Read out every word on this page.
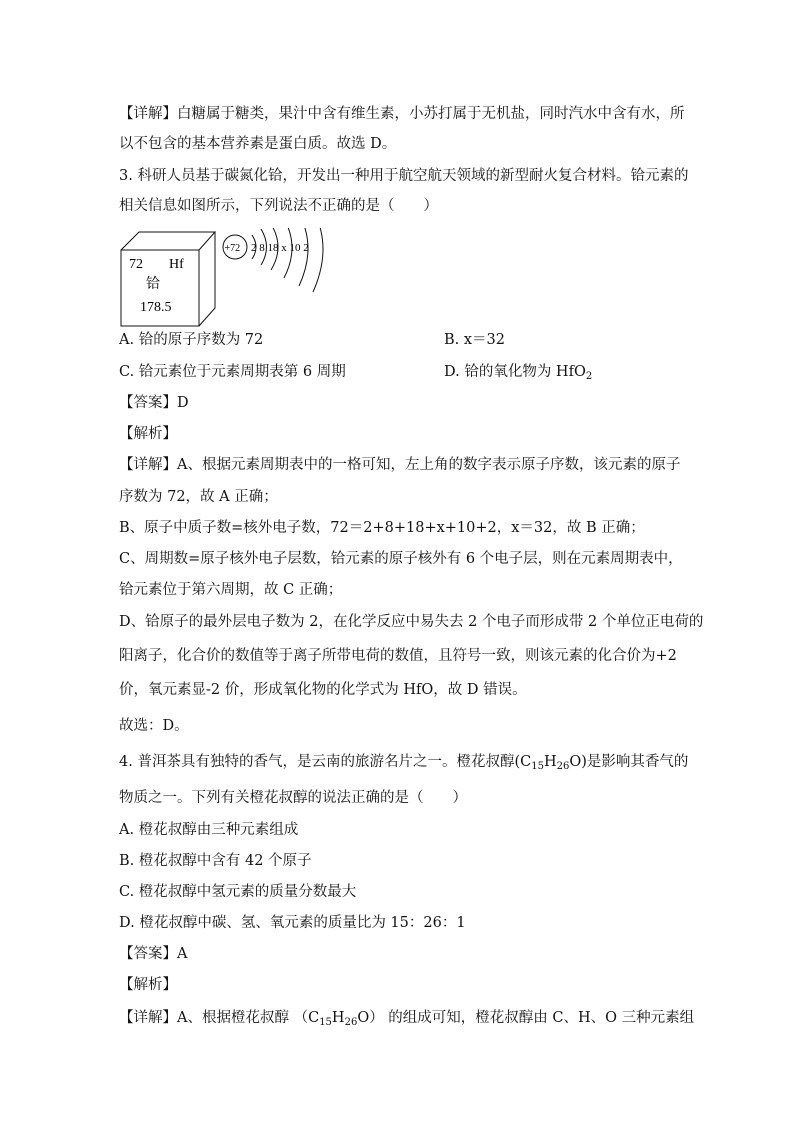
【详解】白糖属于糖类，果汁中含有维生素，小苏打属于无机盐，同时汽水中含有水，所
以不包含的基本营养素是蛋白质。故选 D。
3. 科研人员基于碳氮化铪，开发出一种用于航空航天领域的新型耐火复合材料。铪元素的
相关信息如图所示，下列说法不正确的是（　　）
72 Hf
铪
178.5
+72 2 8 18 x 10 2
A. 铪的原子序数为 72	B. x＝32
C. 铪元素位于元素周期表第 6 周期	D. 铪的氧化物为 HfO$_2$
【答案】D
【解析】
【详解】A、根据元素周期表中的一格可知，左上角的数字表示原子序数，该元素的原子
序数为 72，故 A 正确；
B、原子中质子数=核外电子数，72＝2+8+18+x+10+2，x＝32，故 B 正确；
C、周期数=原子核外电子层数，铪元素的原子核外有 6 个电子层，则在元素周期表中，
铪元素位于第六周期，故 C 正确；
D、铪原子的最外层电子数为 2，在化学反应中易失去 2 个电子而形成带 2 个单位正电荷的
阳离子，化合价的数值等于离子所带电荷的数值，且符号一致，则该元素的化合价为+2
价，氧元素显-2 价，形成氧化物的化学式为 HfO，故 D 错误。
故选：D。
4. 普洱茶具有独特的香气，是云南的旅游名片之一。橙花叔醇$(C_{15}H_{26}O)$是影响其香气的
物质之一。下列有关橙花叔醇的说法正确的是（　　）
A. 橙花叔醇由三种元素组成
B. 橙花叔醇中含有 42 个原子
C. 橙花叔醇中氢元素的质量分数最大
D. 橙花叔醇中碳、氢、氧元素的质量比为 15：26：1
【答案】A
【解析】
【详解】A、根据橙花叔醇 $(C_{15}H_{26}O)$ 的组成可知，橙花叔醇由 C、H、O 三种元素组
